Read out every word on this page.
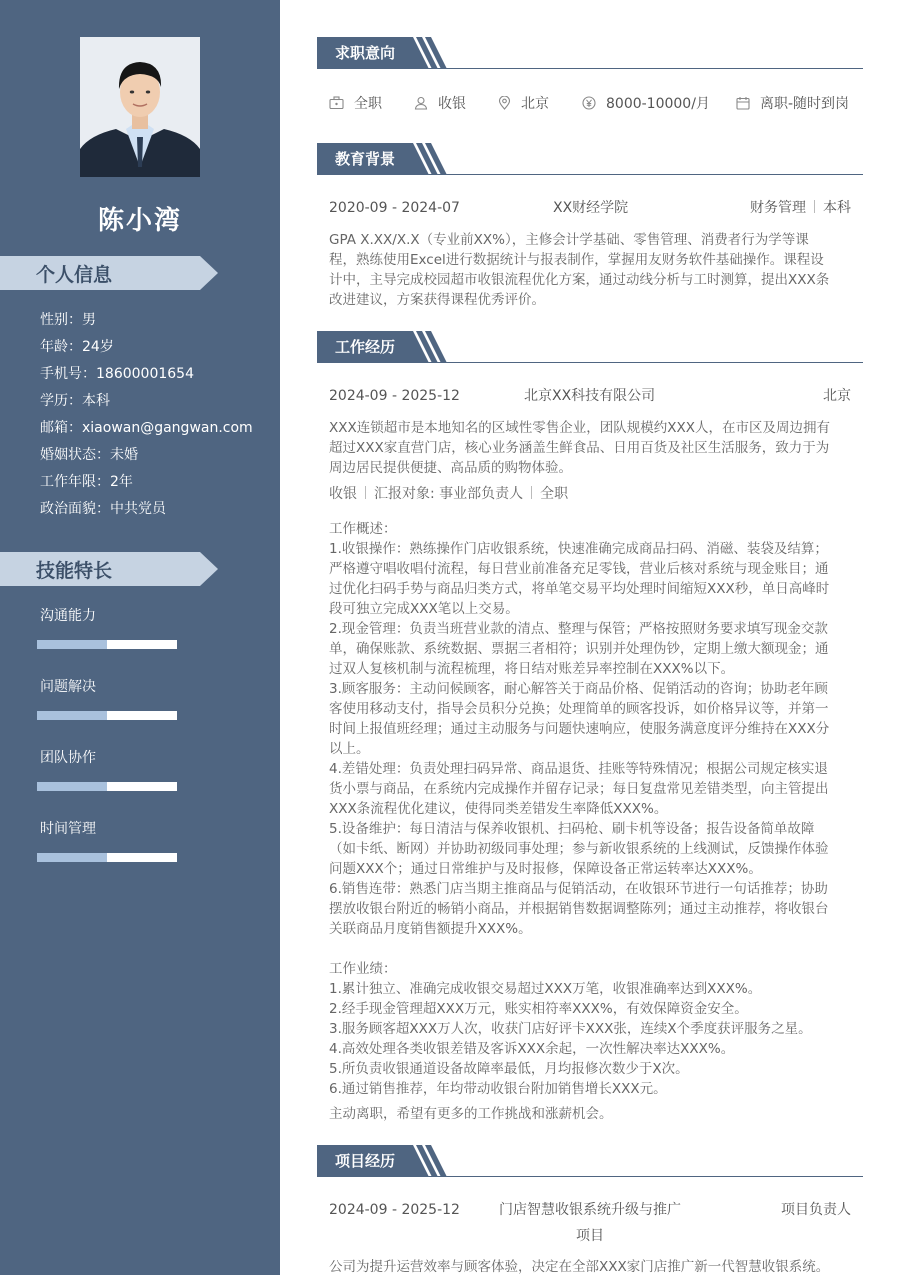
陈小湾
个人信息
性别：男
年龄：24岁
手机号：18600001654
学历：本科
邮箱：xiaowan@gangwan.com
婚姻状态：未婚
工作年限：2年
政治面貌：中共党员
技能特长
沟通能力
问题解决
团队协作
时间管理
求职意向
全职	收银	北京	8000-10000/月	离职-随时到岗
教育背景
2020-09 - 2024-07	XX财经学院	财务管理 本科

GPA X.XX/X.X（专业前XX%），主修会计学基础、零售管理、消费者行为学等课

程，熟练使用Excel进行数据统计与报表制作，掌握用友财务软件基础操作。课程设

计中，主导完成校园超市收银流程优化方案，通过动线分析与工时测算，提出XXX条

改进建议，方案获得课程优秀评价。

工作经历
2024-09 - 2025-12	北京XX科技有限公司	北京

XXX连锁超市是本地知名的区域性零售企业，团队规模约XXX人，在市区及周边拥有

超过XXX家直营门店，核心业务涵盖生鲜食品、日用百货及社区生活服务，致力于为

周边居民提供便捷、高品质的购物体验。

收银 汇报对象: 事业部负责人 全职

工作概述：

1.收银操作：熟练操作门店收银系统，快速准确完成商品扫码、消磁、装袋及结算；

严格遵守唱收唱付流程，每日营业前准备充足零钱，营业后核对系统与现金账目；通

过优化扫码手势与商品归类方式，将单笔交易平均处理时间缩短XXX秒，单日高峰时

段可独立完成XXX笔以上交易。

2.现金管理：负责当班营业款的清点、整理与保管；严格按照财务要求填写现金交款

单，确保账款、系统数据、票据三者相符；识别并处理伪钞，定期上缴大额现金；通

过双人复核机制与流程梳理，将日结对账差异率控制在XXX%以下。

3.顾客服务：主动问候顾客，耐心解答关于商品价格、促销活动的咨询；协助老年顾

客使用移动支付，指导会员积分兑换；处理简单的顾客投诉，如价格异议等，并第一

时间上报值班经理；通过主动服务与问题快速响应，使服务满意度评分维持在XXX分

以上。

4.差错处理：负责处理扫码异常、商品退货、挂账等特殊情况；根据公司规定核实退

货小票与商品，在系统内完成操作并留存记录；每日复盘常见差错类型，向主管提出

XXX条流程优化建议，使得同类差错发生率降低XXX%。

5.设备维护：每日清洁与保养收银机、扫码枪、刷卡机等设备；报告设备简单故障

（如卡纸、断网）并协助初级同事处理；参与新收银系统的上线测试，反馈操作体验

问题XXX个；通过日常维护与及时报修，保障设备正常运转率达XXX%。

6.销售连带：熟悉门店当期主推商品与促销活动，在收银环节进行一句话推荐；协助

摆放收银台附近的畅销小商品，并根据销售数据调整陈列；通过主动推荐，将收银台

关联商品月度销售额提升XXX%。

工作业绩：

1.累计独立、准确完成收银交易超过XXX万笔，收银准确率达到XXX%。

2.经手现金管理超XXX万元，账实相符率XXX%，有效保障资金安全。

3.服务顾客超XXX万人次，收获门店好评卡XXX张，连续X个季度获评服务之星。

4.高效处理各类收银差错及客诉XXX余起，一次性解决率达XXX%。

5.所负责收银通道设备故障率最低，月均报修次数少于X次。

6.通过销售推荐，年均带动收银台附加销售增长XXX元。

主动离职，希望有更多的工作挑战和涨薪机会。

项目经历
2024-09 - 2025-12	门店智慧收银系统升级与推广	项目负责人
项目

公司为提升运营效率与顾客体验，决定在全部XXX家门店推广新一代智慧收银系统。
